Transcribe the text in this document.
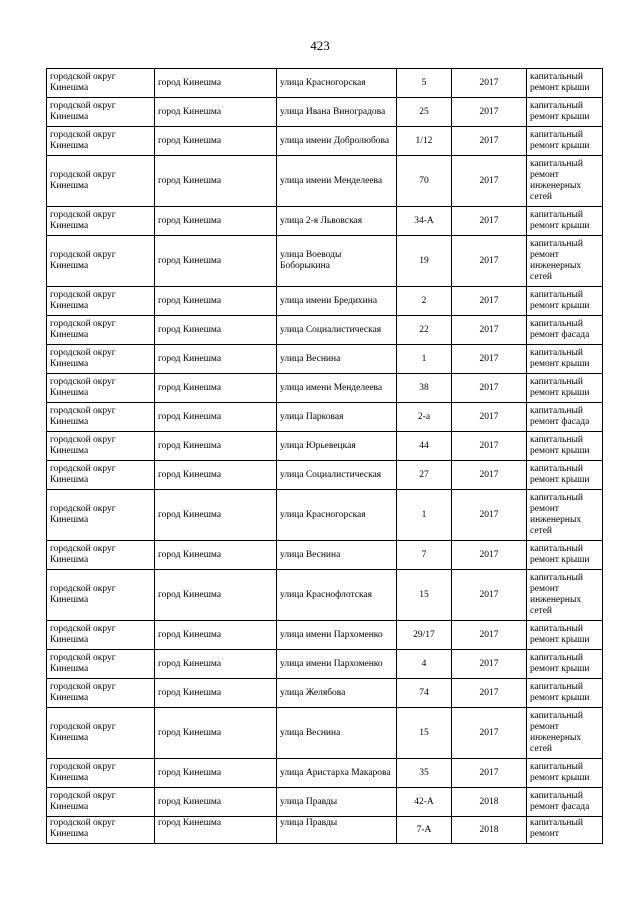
423
городской округ Кинешма	город Кинешма	улица Красногорская	5	2017	капитальный ремонт крыши
городской округ Кинешма	город Кинешма	улица Ивана Виноградова	25	2017	капитальный ремонт крыши
городской округ Кинешма	город Кинешма	улица имени Добролюбова	1/12	2017	капитальный ремонт крыши
городской округ Кинешма	город Кинешма	улица имени Менделеева	70	2017	капитальный ремонт инженерных сетей
городской округ Кинешма	город Кинешма	улица 2-я Львовская	34-А	2017	капитальный ремонт крыши
городской округ Кинешма	город Кинешма	улица Воеводы Боборыкина	19	2017	капитальный ремонт инженерных сетей
городской округ Кинешма	город Кинешма	улица имени Бредихина	2	2017	капитальный ремонт крыши
городской округ Кинешма	город Кинешма	улица Социалистическая	22	2017	капитальный ремонт фасада
городской округ Кинешма	город Кинешма	улица Веснина	1	2017	капитальный ремонт крыши
городской округ Кинешма	город Кинешма	улица имени Менделеева	38	2017	капитальный ремонт крыши
городской округ Кинешма	город Кинешма	улица Парковая	2-а	2017	капитальный ремонт фасада
городской округ Кинешма	город Кинешма	улица Юрьевецкая	44	2017	капитальный ремонт крыши
городской округ Кинешма	город Кинешма	улица Социалистическая	27	2017	капитальный ремонт крыши
городской округ Кинешма	город Кинешма	улица Красногорская	1	2017	капитальный ремонт инженерных сетей
городской округ Кинешма	город Кинешма	улица Веснина	7	2017	капитальный ремонт крыши
городской округ Кинешма	город Кинешма	улица Краснофлотская	15	2017	капитальный ремонт инженерных сетей
городской округ Кинешма	город Кинешма	улица имени Пархоменко	29/17	2017	капитальный ремонт крыши
городской округ Кинешма	город Кинешма	улица имени Пархоменко	4	2017	капитальный ремонт крыши
городской округ Кинешма	город Кинешма	улица Желябова	74	2017	капитальный ремонт крыши
городской округ Кинешма	город Кинешма	улица Веснина	15	2017	капитальный ремонт инженерных сетей
городской округ Кинешма	город Кинешма	улица Аристарха Макарова	35	2017	капитальный ремонт крыши
городской округ Кинешма	город Кинешма	улица Правды	42-А	2018	капитальный ремонт фасада
городской округ Кинешма	город Кинешма	улица Правды	7-А	2018	капитальный ремонт
